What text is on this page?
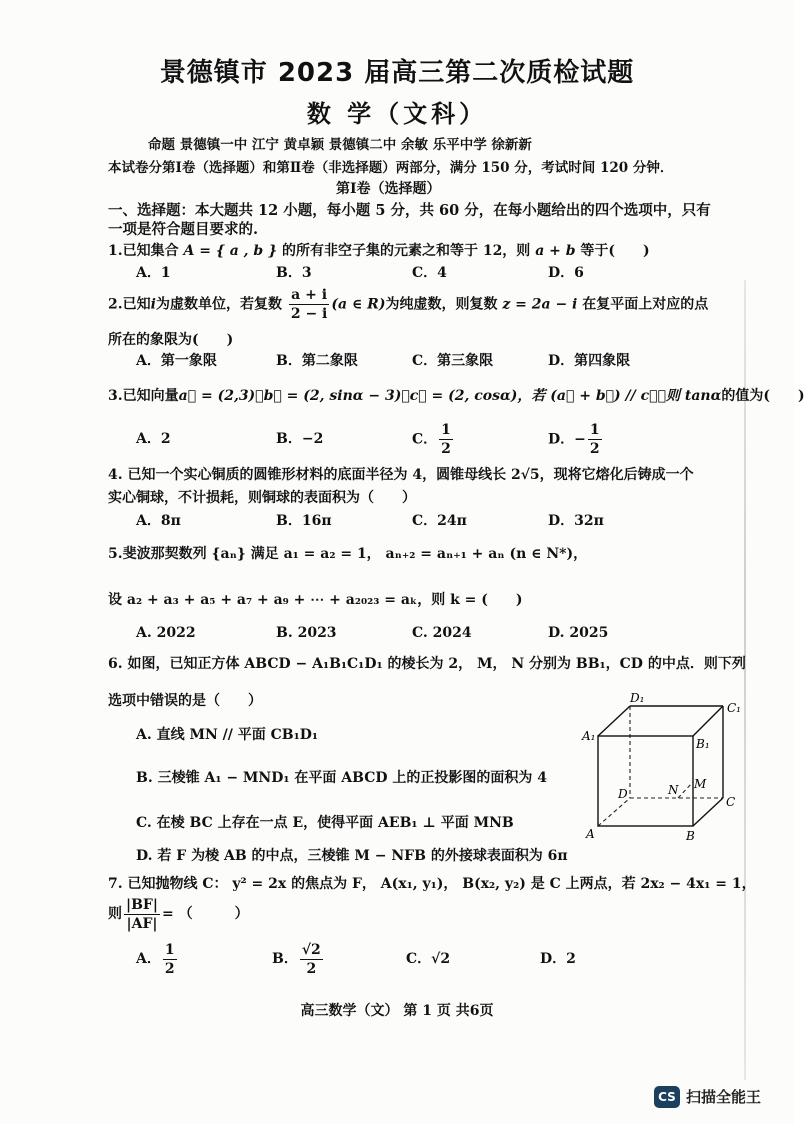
景德镇市 2023 届高三第二次质检试题
数 学（文科）
命题 景德镇一中 江宁 黄卓颖 景德镇二中 余敏 乐平中学 徐新新
本试卷分第Ⅰ卷（选择题）和第Ⅱ卷（非选择题）两部分，满分 150 分，考试时间 120 分钟．
第Ⅰ卷（选择题）
一、选择题：本大题共 12 小题，每小题 5 分，共 60 分，在每小题给出的四个选项中，只有
一项是符合题目要求的.
1.已知集合 A = { a , b } 的所有非空子集的元素之和等于 12，则 a + b 等于(　　)
A．1	B．3	C．4	D．6
2.已知i为虚数单位，若复数 $\frac{a + i}{2 - i} (a$ ∈ R)为纯虚数，则复数 z = 2a − i 在复平面上对应的点
所在的象限为(　　)
A．第一象限	B．第二象限	C．第三象限	D．第四象限
3.已知向量a⃗ = (2,3)，b⃗ = (2, sinα − 3)，c⃗ = (2, cosα)，若 (a⃗ + b⃗) // c⃗，则 tanα的值为(　　)
A．2	B．−2	C． $\frac{1}{2}$	D．− $\frac{1}{2}$
4. 已知一个实心铜质的圆锥形材料的底面半径为 4，圆锥母线长 2√5，现将它熔化后铸成一个
实心铜球，不计损耗，则铜球的表面积为（　　）
A．8π	B．16π	C．24π	D．32π
5.斐波那契数列 {aₙ} 满足 a₁ = a₂ = 1， aₙ₊₂ = aₙ₊₁ + aₙ (n ∈ N*)，
设 a₂ + a₃ + a₅ + a₇ + a₉ + ⋯ + a₂₀₂₃ = aₖ，则 k = (　　)
A. 2022	B. 2023	C. 2024	D. 2025
6. 如图，已知正方体 ABCD − A₁B₁C₁D₁ 的棱长为 2， M， N 分别为 BB₁，CD 的中点．则下列
选项中错误的是（　　）
A. 直线 MN // 平面 CB₁D₁
B. 三棱锥 A₁ − MND₁ 在平面 ABCD 上的正投影图的面积为 4
C. 在棱 BC 上存在一点 E，使得平面 AEB₁ ⊥ 平面 MNB
D. 若 F 为棱 AB 的中点，三棱锥 M − NFB 的外接球表面积为 6π
D₁
C₁
A₁
B₁
M
N
D
C
A	B
7. 已知抛物线 C： y² = 2x 的焦点为 F， A(x₁, y₁)， B(x₂, y₂) 是 C 上两点，若 2x₂ − 4x₁ = 1，
则 $\frac{|BF|}{|AF|}$ = （　　　）
A． $\frac{1}{2}$	B． $\frac{√2}{2}$	C．√2	D．2
高三数学（文） 第 1 页 共6页
CS 扫描全能王
